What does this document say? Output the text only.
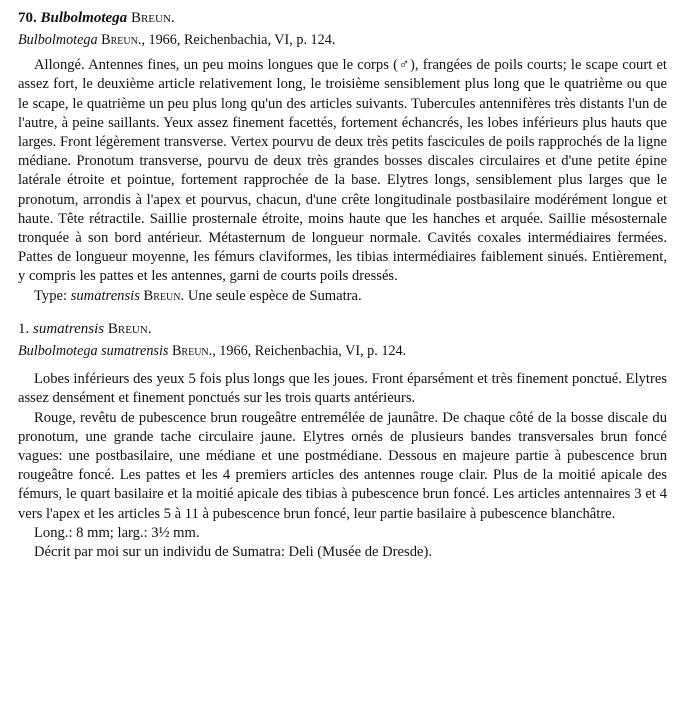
70. Bulbolmotega Breun.

Bulbolmotega Breun., 1966, Reichenbachia, VI, p. 124.

Allongé. Antennes fines, un peu moins longues que le corps (♂), frangées de poils courts; le scape court et assez fort, le deuxième article relativement long, le troisième sensiblement plus long que le quatrième ou que le scape, le quatrième un peu plus long qu'un des articles suivants. Tubercules antennifères très distants l'un de l'autre, à peine saillants. Yeux assez finement facettés, fortement échancrés, les lobes inférieurs plus hauts que larges. Front légèrement transverse. Vertex pourvu de deux très petits fascicules de poils rapprochés de la ligne médiane. Pronotum transverse, pourvu de deux très grandes bosses discales circulaires et d'une petite épine latérale étroite et pointue, fortement rapprochée de la base. Elytres longs, sensiblement plus larges que le pronotum, arrondis à l'apex et pourvus, chacun, d'une crête longitudinale postbasilaire modérément longue et haute. Tête rétractile. Saillie prosternale étroite, moins haute que les hanches et arquée. Saillie mésosternale tronquée à son bord antérieur. Métasternum de longueur normale. Cavités coxales intermédiaires fermées. Pattes de longueur moyenne, les fémurs claviformes, les tibias intermédiaires faiblement sinués. Entièrement, y compris les pattes et les antennes, garni de courts poils dressés.

Type: sumatrensis Breun. Une seule espèce de Sumatra.

1. sumatrensis Breun.

Bulbolmotega sumatrensis Breun., 1966, Reichenbachia, VI, p. 124.

Lobes inférieurs des yeux 5 fois plus longs que les joues. Front éparsément et très finement ponctué. Elytres assez densément et finement ponctués sur les trois quarts antérieurs.

Rouge, revêtu de pubescence brun rougeâtre entremélée de jaunâtre. De chaque côté de la bosse discale du pronotum, une grande tache circulaire jaune. Elytres ornés de plusieurs bandes transversales brun foncé vagues: une postbasilaire, une médiane et une postmédiane. Dessous en majeure partie à pubescence brun rougeâtre foncé. Les pattes et les 4 premiers articles des antennes rouge clair. Plus de la moitié apicale des fémurs, le quart basilaire et la moitié apicale des tibias à pubescence brun foncé. Les articles antennaires 3 et 4 vers l'apex et les articles 5 à 11 à pubescence brun foncé, leur partie basilaire à pubescence blanchâtre.

Long.: 8 mm; larg.: 3½ mm.

Décrit par moi sur un individu de Sumatra: Deli (Musée de Dresde).
